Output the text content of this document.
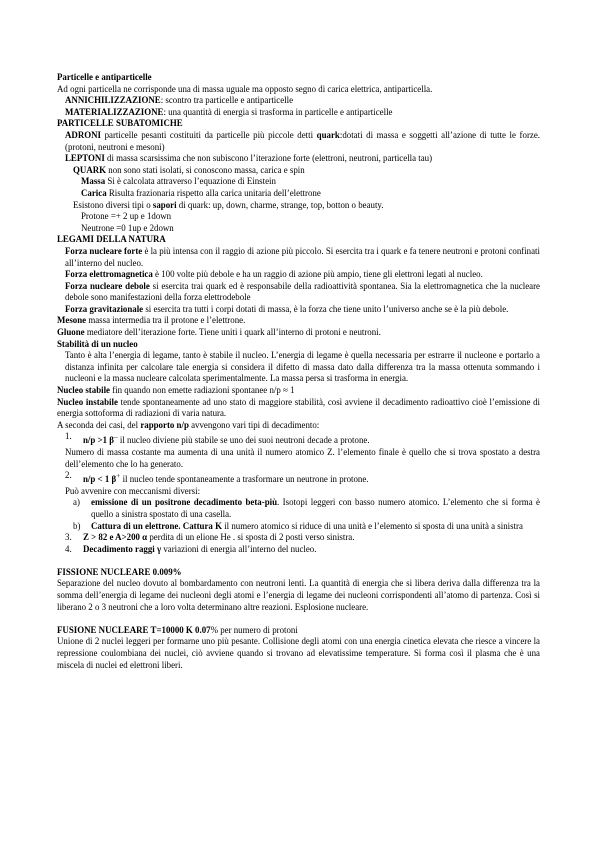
Particelle e antiparticelle
Ad ogni particella ne corrisponde una di massa uguale ma opposto segno di carica elettrica, antiparticella.
ANNICHILIZZAZIONE: scontro tra particelle e antiparticelle
MATERIALIZZAZIONE: una quantità di energia si trasforma in particelle e antiparticelle
PARTICELLE SUBATOMICHE
ADRONI particelle pesanti costituiti da particelle più piccole detti quark:dotati di massa e soggetti all’azione di tutte le forze. (protoni, neutroni e mesoni)
LEPTONI di massa scarsissima che non subiscono l’iterazione forte (elettroni, neutroni, particella tau)
QUARK non sono stati isolati, si conoscono massa, carica e spin
Massa Si è calcolata attraverso l’equazione di Einstein
Carica Risulta frazionaria rispetto alla carica unitaria dell’elettrone
Esistono diversi tipi o sapori di quark: up, down, charme, strange, top, botton o beauty.
Protone =+ 2 up e 1down
Neutrone =0 1up e 2down
LEGAMI DELLA NATURA
Forza nucleare forte è la più intensa con il raggio di azione più piccolo. Si esercita tra i quark e fa tenere neutroni e protoni confinati all’interno del nucleo.
Forza elettromagnetica è 100 volte più debole e ha un raggio di azione più ampio, tiene gli elettroni legati al nucleo.
Forza nucleare debole si esercita trai quark ed è responsabile della radioattività spontanea. Sia la elettromagnetica che la nucleare debole sono manifestazioni della forza elettrodebole
Forza gravitazionale si esercita tra tutti i corpi dotati di massa, è la forza che tiene unito l’universo anche se è la più debole.
Mesone massa intermedia tra il protone e l’elettrone.
Gluone mediatore dell’iterazione forte. Tiene uniti i quark all’interno di protoni e neutroni.
Stabilità di un nucleo
Tanto è alta l’energia di legame, tanto è stabile il nucleo. L’energia di legame è quella necessaria per estrarre il nucleone e portarlo a distanza infinita per calcolare tale energia si considera il difetto di massa dato dalla differenza tra la massa ottenuta sommando i nucleoni e la massa nucleare calcolata sperimentalmente. La massa persa si trasforma in energia.
Nucleo stabile fin quando non emette radiazioni spontanee n/p ≈ 1
Nucleo instabile tende spontaneamente ad uno stato di maggiore stabilità, così avviene il decadimento radioattivo cioè l’emissione di energia sottoforma di radiazioni di varia natura.
A seconda dei casi, del rapporto n/p avvengono vari tipi di decadimento:
1.	n/p >1 β– il nucleo diviene più stabile se uno dei suoi neutroni decade a protone.
Numero di massa costante ma aumenta di una unità il numero atomico Z. l’elemento finale è quello che si trova spostato a destra dell’elemento che lo ha generato.
2.	n/p < 1 β+ il nucleo tende spontaneamente a trasformare un neutrone in protone.
Può avvenire con meccanismi diversi:
a)	emissione di un positrone decadimento beta-più. Isotopi leggeri con basso numero atomico. L’elemento che si forma è quello a sinistra spostato di una casella.
b)	Cattura di un elettrone. Cattura K il numero atomico si riduce di una unità e l’elemento si sposta di una unità a sinistra
3.	Z > 82 e A>200 α perdita di un elione He . si sposta di 2 posti verso sinistra.
4.	Decadimento raggi γ variazioni di energia all’interno del nucleo.
FISSIONE NUCLEARE 0.009%
Separazione del nucleo dovuto al bombardamento con neutroni lenti. La quantità di energia che si libera deriva dalla differenza tra la somma dell’energia di legame dei nucleoni degli atomi e l’energia di legame dei nucleoni corrispondenti all’atomo di partenza. Così si liberano 2 o 3 neutroni che a loro volta determinano altre reazioni. Esplosione nucleare.
FUSIONE NUCLEARE T=10000 K 0.07% per numero di protoni
Unione di 2 nuclei leggeri per formarne uno più pesante. Collisione degli atomi con una energia cinetica elevata che riesce a vincere la repressione coulombiana dei nuclei, ciò avviene quando si trovano ad elevatissime temperature. Si forma così il plasma che è una miscela di nuclei ed elettroni liberi.
